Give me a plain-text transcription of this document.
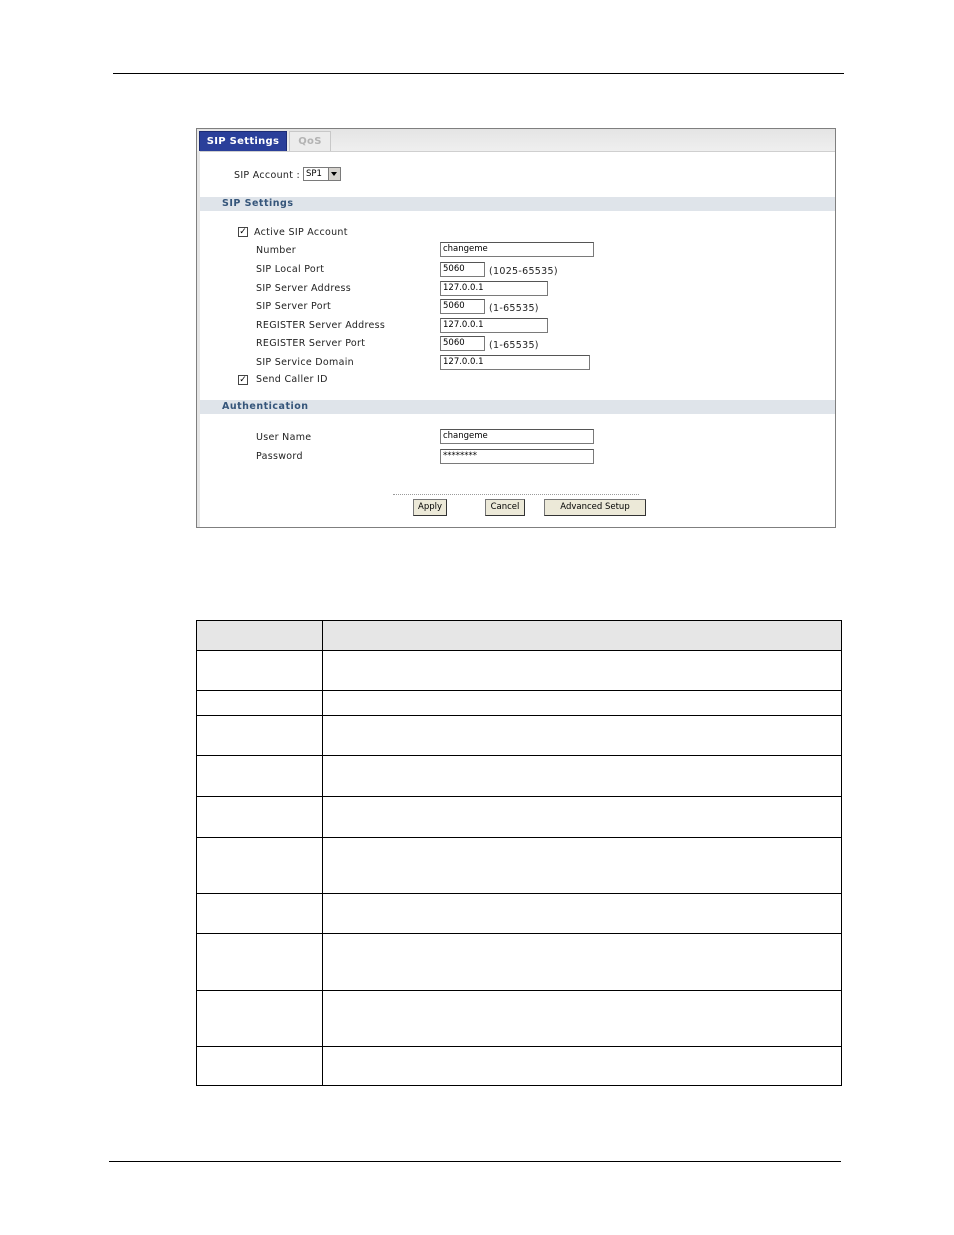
SIP Settings	QoS
SIP Account : SP1
SIP Settings
✓ Active SIP Account
Number	changeme
SIP Local Port	5060	(1025-65535)
SIP Server Address	127.0.0.1
SIP Server Port	5060	(1-65535)
REGISTER Server Address	127.0.0.1
REGISTER Server Port	5060	(1-65535)
SIP Service Domain	127.0.0.1
✓ Send Caller ID
Authentication
User Name	changeme
Password	********
Apply	Cancel	Advanced Setup
